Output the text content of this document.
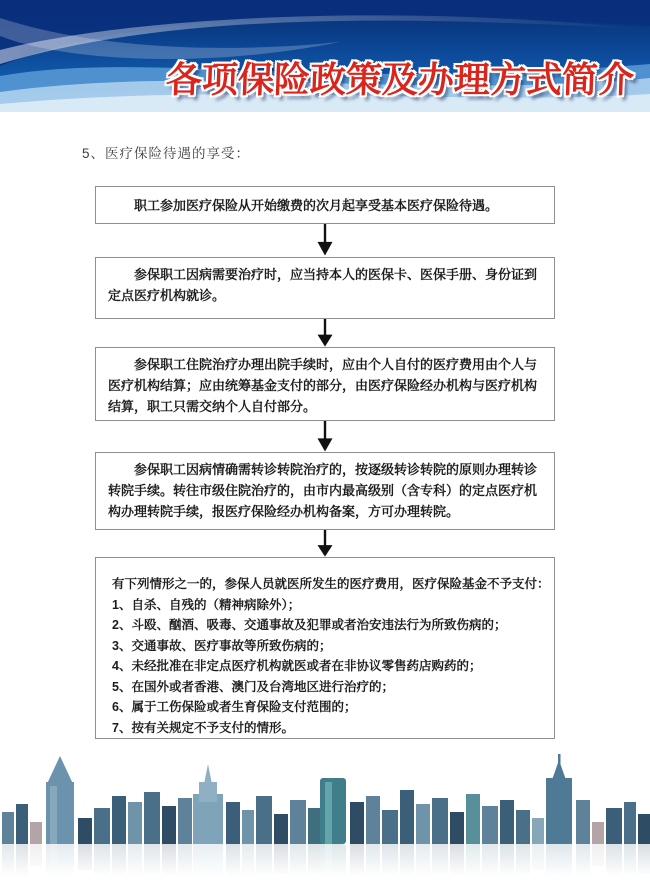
各项保险政策及办理方式简介
5、医疗保险待遇的享受：

职工参加医疗保险从开始缴费的次月起享受基本医疗保险待遇。

参保职工因病需要治疗时，应当持本人的医保卡、医保手册、身份证到定点医疗机构就诊。

参保职工住院治疗办理出院手续时，应由个人自付的医疗费用由个人与医疗机构结算；应由统筹基金支付的部分，由医疗保险经办机构与医疗机构结算，职工只需交纳个人自付部分。

参保职工因病情确需转诊转院治疗的，按逐级转诊转院的原则办理转诊转院手续。转往市级住院治疗的，由市内最高级别（含专科）的定点医疗机构办理转院手续，报医疗保险经办机构备案，方可办理转院。

有下列情形之一的，参保人员就医所发生的医疗费用，医疗保险基金不予支付：

1、自杀、自残的（精神病除外）；

2、斗殴、酗酒、吸毒、交通事故及犯罪或者治安违法行为所致伤病的；

3、交通事故、医疗事故等所致伤病的；

4、未经批准在非定点医疗机构就医或者在非协议零售药店购药的；

5、在国外或者香港、澳门及台湾地区进行治疗的；

6、属于工伤保险或者生育保险支付范围的；

7、按有关规定不予支付的情形。
